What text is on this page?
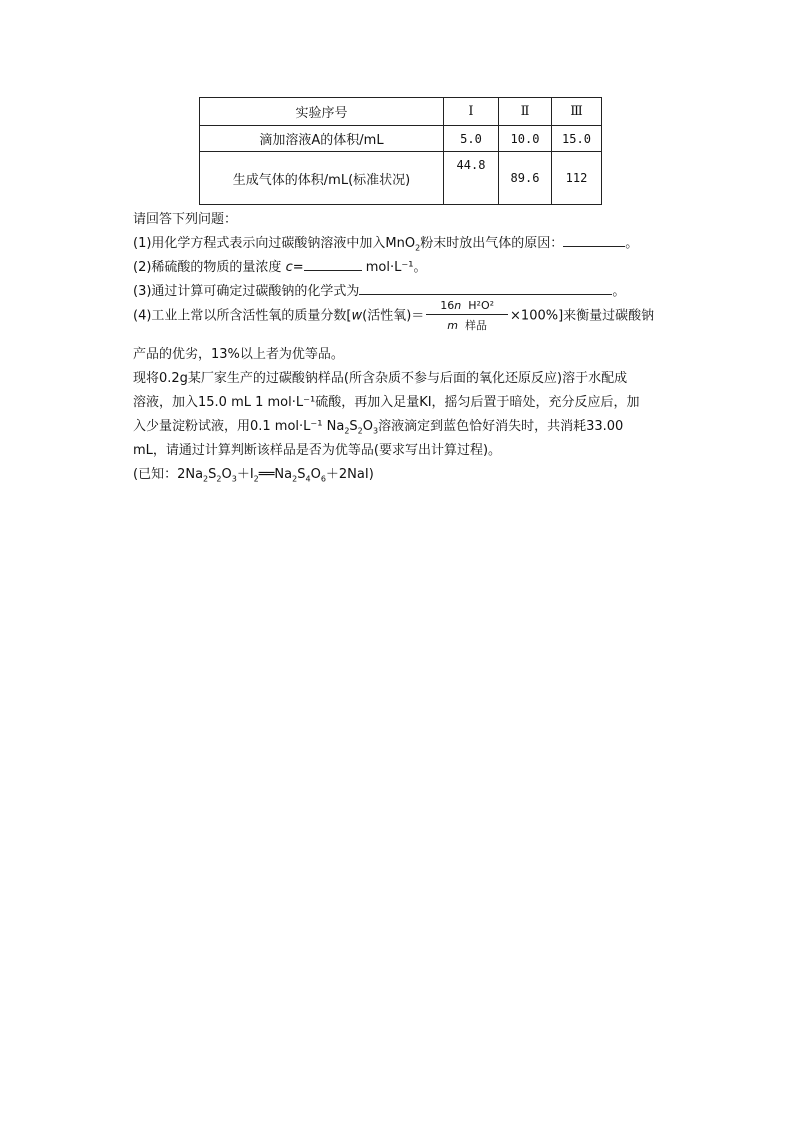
实验序号	Ⅰ	Ⅱ	Ⅲ
滴加溶液A的体积/mL	5.0	10.0	15.0
生成气体的体积/mL(标准状况)	44.8	89.6	112
请回答下列问题：
(1)用化学方程式表示向过碳酸钠溶液中加入MnO$_2$粉末时放出气体的原因：	。
(2)稀硫酸的物质的量浓度 c=	mol·L⁻¹。
(3)通过计算可确定过碳酸钠的化学式为	。
(4)工业上常以所含活性氧的质量分数[w(活性氧)＝ $\frac{\text{16n H²O²}}{\text{m 样品}} \times 100\%$]来衡量过碳酸钠
产品的优劣，13%以上者为优等品。
现将0.2g某厂家生产的过碳酸钠样品(所含杂质不参与后面的氧化还原反应)溶于水配成
溶液，加入15.0 mL 1 mol·L⁻¹硫酸，再加入足量KI，摇匀后置于暗处，充分反应后，加
入少量淀粉试液，用0.1 mol·L⁻¹ $Na_2S_2O_3$溶液滴定到蓝色恰好消失时，共消耗33.00
mL，请通过计算判断该样品是否为优等品(要求写出计算过程)。
(已知：$2Na_2S_2O_3+I_2══Na_2S_4O_6+2NaI$)
